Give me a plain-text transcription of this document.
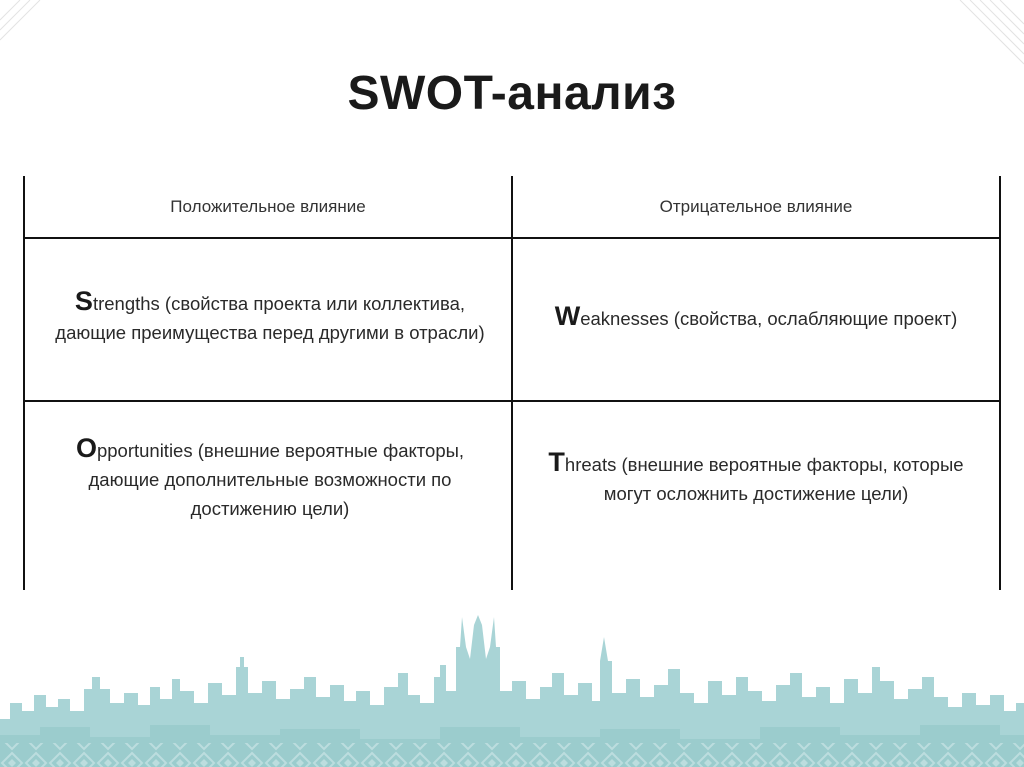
SWOT-анализ
Положительное влияние	Отрицательное влияние
Strengths (свойства проекта или коллектива, дающие преимущества перед другими в отрасли)
Weaknesses (свойства, ослабляющие проект)
Opportunities (внешние вероятные факторы, дающие дополнительные возможности по достижению цели)
Threats (внешние вероятные факторы, которые могут осложнить достижение цели)
